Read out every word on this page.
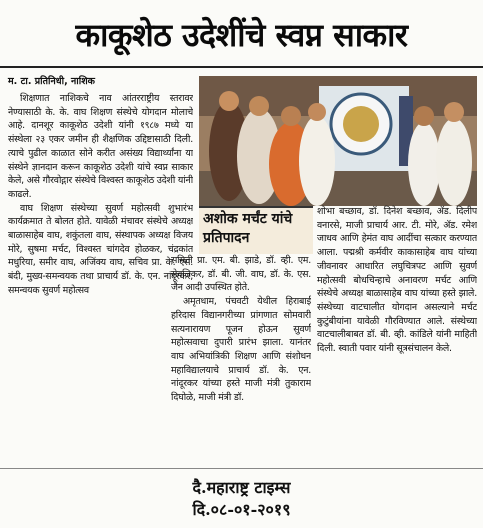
काकूशेठ उदेशींचे स्वप्न साकार
म. टा. प्रतिनिधी, नाशिक

शिक्षणात नाशिकचे नाव आंतरराष्ट्रीय स्तरावर नेण्यासाठी के. के. वाघ शिक्षण संस्थेचे योगदान मोलाचे आहे. दानशूर काकूशेठ उदेशी यांनी १९८७ मध्ये या संस्थेला २३ एकर जमीन ही शैक्षणिक उद्दिष्टासाठी दिली. त्याचे पुढील काळात सोने करीत असंख्य विद्यार्थ्यांना या संस्थेने ज्ञानदान करून काकूशेठ उदेशी यांचे स्वप्न साकार केले, असे गौरवोद्गार संस्थेचे विश्वस्त काकूशेठ उदेशी यांनी काढले.

वाघ शिक्षण संस्थेच्या सुवर्ण महोत्सवी शुभारंभ कार्यक्रमात ते बोलत होते. यावेळी मंचावर संस्थेचे अध्यक्ष बाळासाहेब वाघ, शकुंतला वाघ, संस्थापक अध्यक्ष विजय मोरे, सुषमा मर्चट, विश्वस्त चांगदेव होळकर, चंद्रकांत मधुरिया, समीर वाघ, अजिंक्य वाघ, सचिव प्रा. के. एस. बंदी, मुख्य-समन्वयक तथा प्राचार्य डॉ. के. एन. नांदूरकर, समन्वयक सुवर्ण महोत्सव

अशोक मर्चंट यांचे प्रतिपादन

समिती प्रा. एम. बी. झाडे, डॉ. व्ही. एम. सेवलिकर, डॉ. बी. जी. वाघ, डॉ. के. एस. जैन आदी उपस्थित होते.

अमृतधाम, पंचवटी येथील हिराबाई हरिदास विद्यानगरीच्या प्रांगणात सोमवारी सत्यनारायण पूजन होऊन सुवर्ण महोत्सवाचा दुपारी प्रारंभ झाला. यानंतर वाघ अभियांत्रिकी शिक्षण आणि संशोधन महाविद्यालयाचे प्राचार्य डॉ. के. एन. नांदूरकर यांच्या हस्ते माजी मंत्री तुकाराम दिघोळे, माजी मंत्री डॉ.

शोभा बच्छाव, डॉ. दिनेश बच्छाव, ॲड. दिलीप वनारसे, माजी प्राचार्य आर. टी. मोरे, ॲड. रमेश जाधव आणि हेमंत वाघ आदींचा सत्कार करण्यात आला. पद्मश्री कर्मवीर काकासाहेब वाघ यांच्या जीवनावर आधारित लघुचित्रपट आणि सुवर्ण महोत्सवी बोधचिन्हाचे अनावरण मर्चट आणि संस्थेचे अध्यक्ष बाळासाहेब वाघ यांच्या हस्ते झाले. संस्थेच्या वाटचालीत योगदान असल्याने मर्चट कुटुंबीयांना यावेळी गौरविण्यात आले. संस्थेच्या वाटचालीबाबत डॉ. बी. व्ही. कांडिले यांनी माहिती दिली. स्वाती पवार यांनी सूत्रसंचालन केले.

दै.महाराष्ट्र टाइम्स
दि.०८-०१-२०१९
